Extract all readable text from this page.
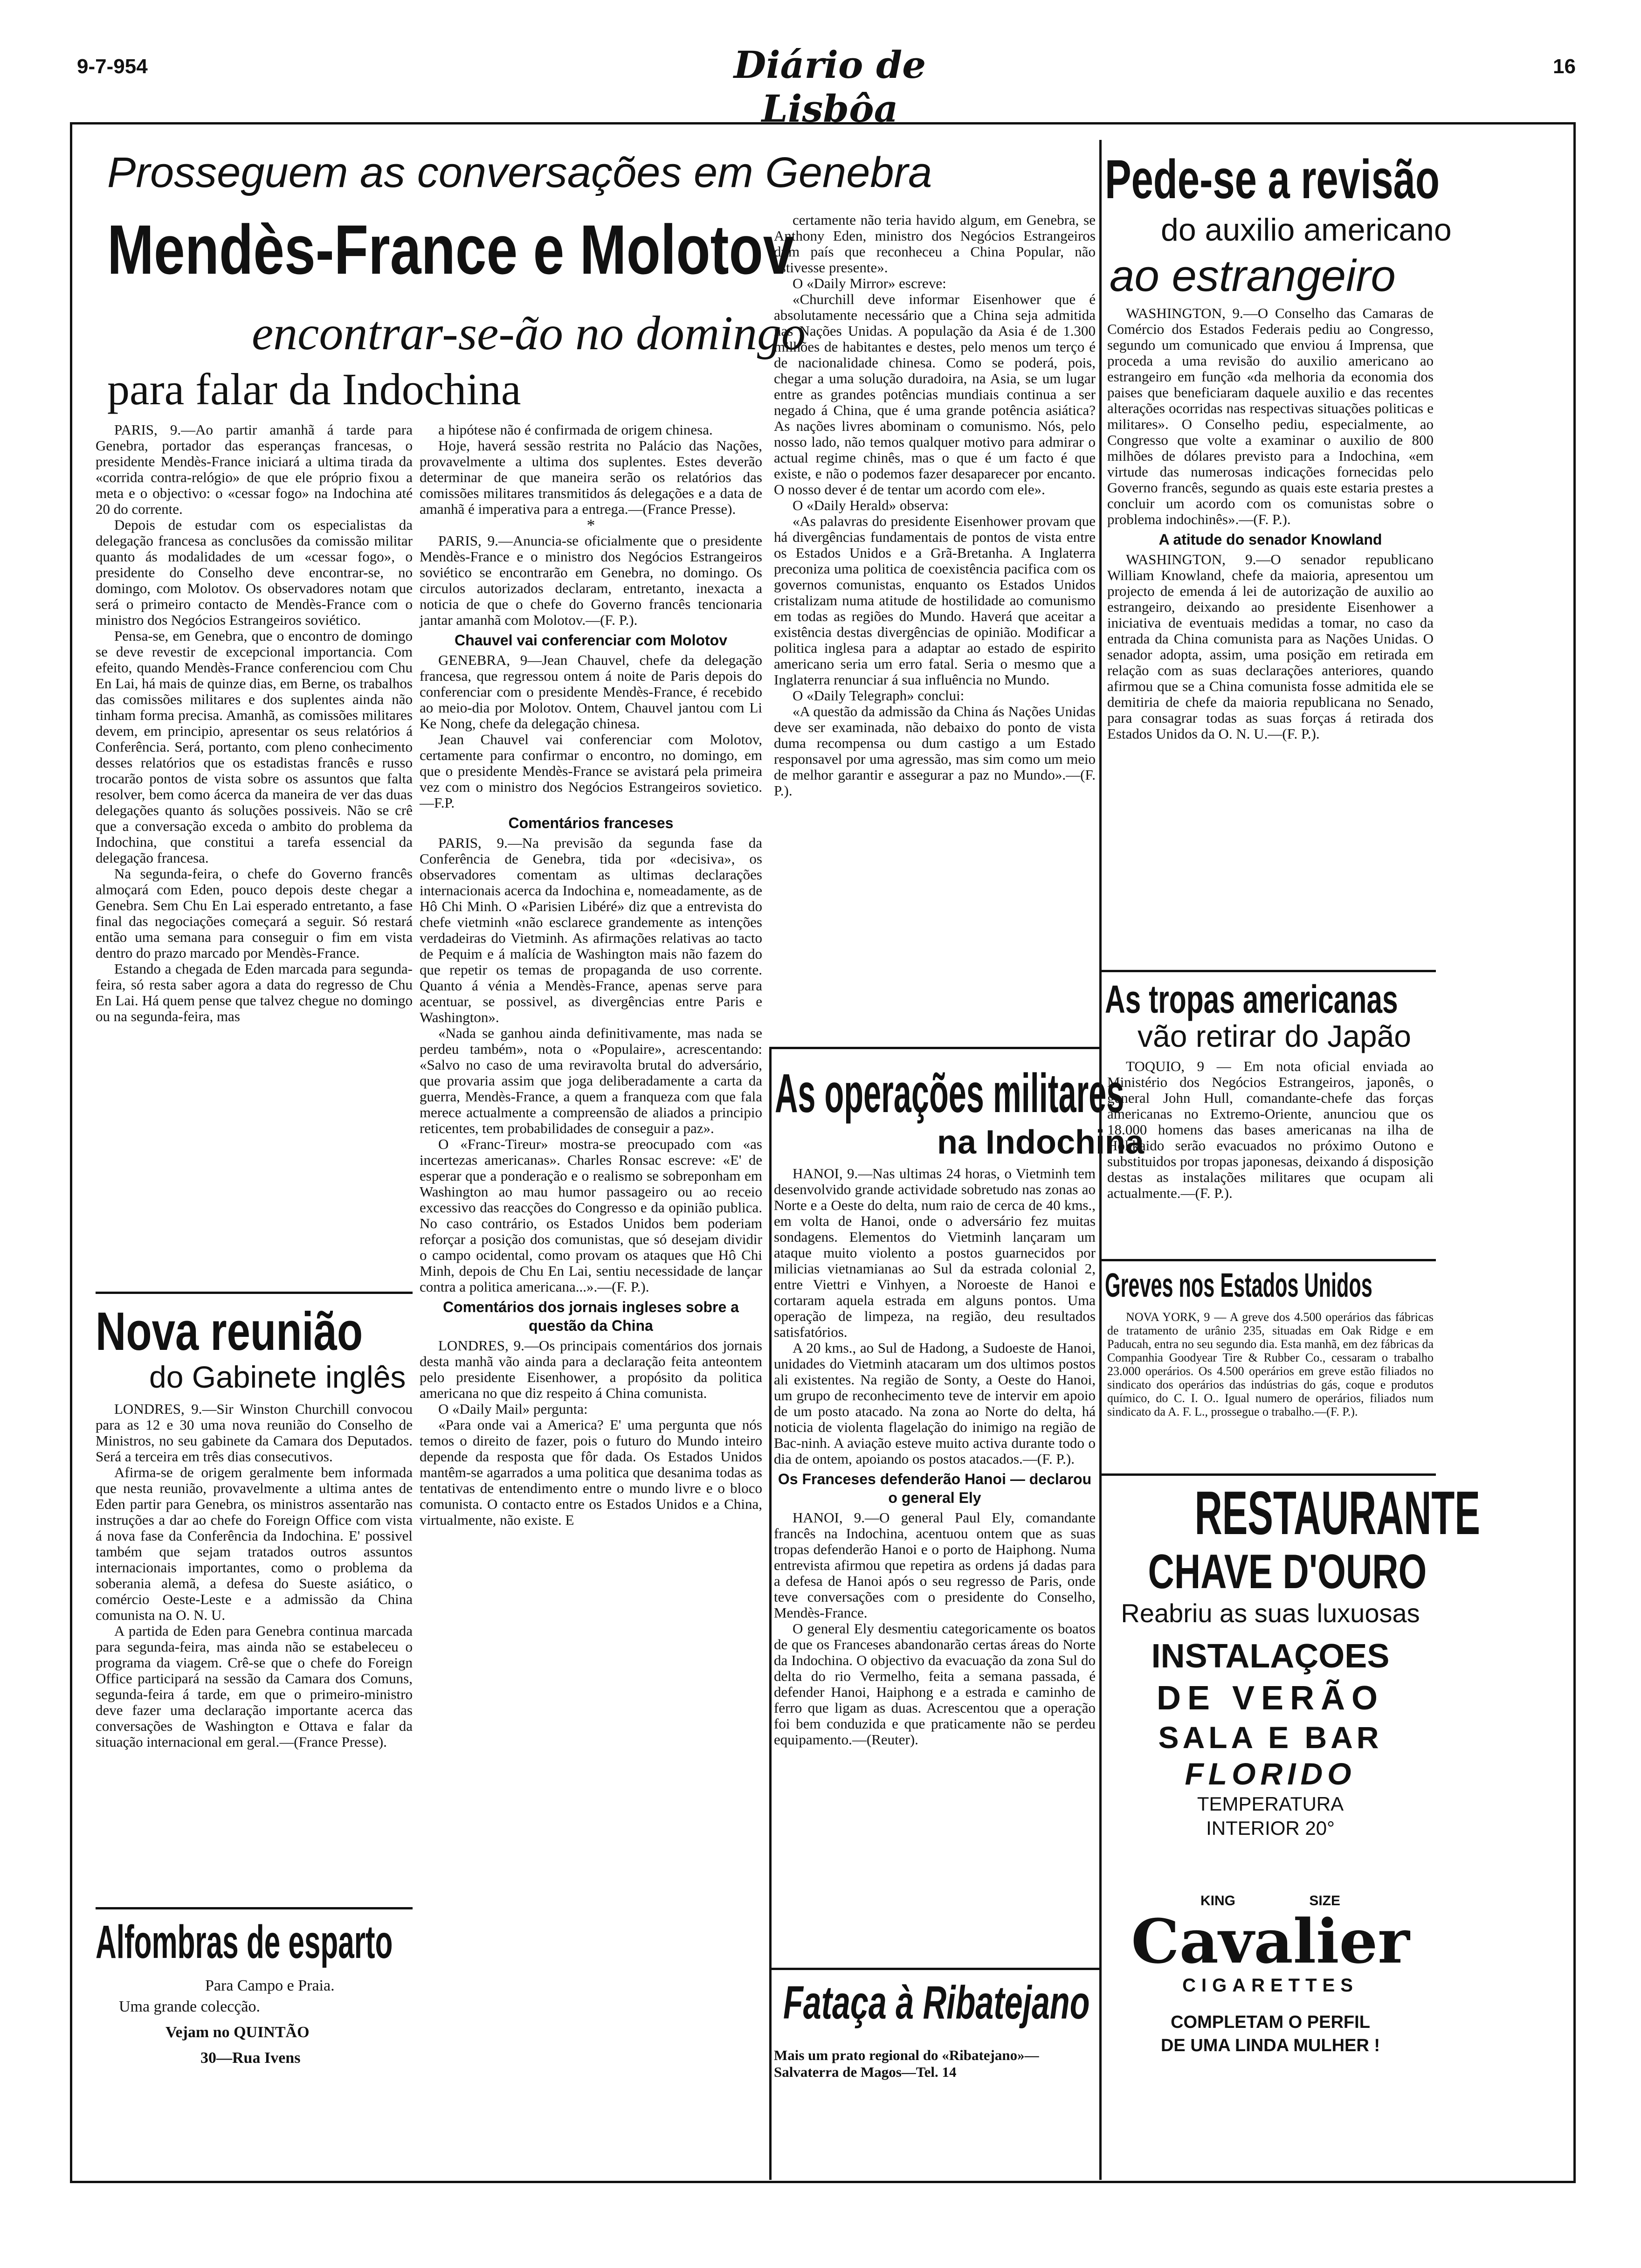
9-7-954	Diário de Lisbôa
16
Prosseguem as conversações em Genebra
Mendès-France e Molotov
encontrar-se-ão no domingo
para falar da Indochina

PARIS, 9.—Ao partir amanhã á tarde para Genebra, portador das esperanças francesas, o presidente Mendès-France iniciará a ultima tirada da «corrida contra-relógio» de que ele próprio fixou a meta e o objectivo: o «cessar fogo» na Indochina até 20 do corrente.

Depois de estudar com os especialistas da delegação francesa as conclusões da comissão militar quanto ás modalidades de um «cessar fogo», o presidente do Conselho deve encontrar-se, no domingo, com Molotov. Os observadores notam que será o primeiro contacto de Mendès-France com o ministro dos Negócios Estrangeiros soviético.

Pensa-se, em Genebra, que o encontro de domingo se deve revestir de excepcional importancia. Com efeito, quando Mendès-France conferenciou com Chu En Lai, há mais de quinze dias, em Berne, os trabalhos das comissões militares e dos suplentes ainda não tinham forma precisa. Amanhã, as comissões militares devem, em principio, apresentar os seus relatórios á Conferência. Será, portanto, com pleno conhecimento desses relatórios que os estadistas francês e russo trocarão pontos de vista sobre os assuntos que falta resolver, bem como ácerca da maneira de ver das duas delegações quanto ás soluções possiveis. Não se crê que a conversação exceda o ambito do problema da Indochina, que constitui a tarefa essencial da delegação francesa.

Na segunda-feira, o chefe do Governo francês almoçará com Eden, pouco depois deste chegar a Genebra. Sem Chu En Lai esperado entretanto, a fase final das negociações começará a seguir. Só restará então uma semana para conseguir o fim em vista dentro do prazo marcado por Mendès-France.

Estando a chegada de Eden marcada para segunda-feira, só resta saber agora a data do regresso de Chu En Lai. Há quem pense que talvez chegue no domingo ou na segunda-feira, mas

a hipótese não é confirmada de origem chinesa.

Hoje, haverá sessão restrita no Palácio das Nações, provavelmente a ultima dos suplentes. Estes deverão determinar de que maneira serão os relatórios das comissões militares transmitidos ás delegações e a data de amanhã é imperativa para a entrega.—(France Presse).

*

PARIS, 9.—Anuncia-se oficialmente que o presidente Mendès-France e o ministro dos Negócios Estrangeiros soviético se encontrarão em Genebra, no domingo. Os circulos autorizados declaram, entretanto, inexacta a noticia de que o chefe do Governo francês tencionaria jantar amanhã com Molotov.—(F. P.).

Chauvel vai conferenciar com Molotov

GENEBRA, 9—Jean Chauvel, chefe da delegação francesa, que regressou ontem á noite de Paris depois do conferenciar com o presidente Mendès-France, é recebido ao meio-dia por Molotov. Ontem, Chauvel jantou com Li Ke Nong, chefe da delegação chinesa.

Jean Chauvel vai conferenciar com Molotov, certamente para confirmar o encontro, no domingo, em que o presidente Mendès-France se avistará pela primeira vez com o ministro dos Negócios Estrangeiros sovietico.—F.P.

Comentários franceses

PARIS, 9.—Na previsão da segunda fase da Conferência de Genebra, tida por «decisiva», os observadores comentam as ultimas declarações internacionais acerca da Indochina e, nomeadamente, as de Hô Chi Minh. O «Parisien Libéré» diz que a entrevista do chefe vietminh «não esclarece grandemente as intenções verdadeiras do Vietminh. As afirmações relativas ao tacto de Pequim e á malícia de Washington mais não fazem do que repetir os temas de propaganda de uso corrente. Quanto á vénia a Mendès-France, apenas serve para acentuar, se possivel, as divergências entre Paris e Washington».

«Nada se ganhou ainda definitivamente, mas nada se perdeu também», nota o «Populaire», acrescentando: «Salvo no caso de uma reviravolta brutal do adversário, que provaria assim que joga deliberadamente a carta da guerra, Mendès-France, a quem a franqueza com que fala merece actualmente a compreensão de aliados a principio reticentes, tem probabilidades de conseguir a paz».

O «Franc-Tireur» mostra-se preocupado com «as incertezas americanas». Charles Ronsac escreve: «E' de esperar que a ponderação e o realismo se sobreponham em Washington ao mau humor passageiro ou ao receio excessivo das reacções do Congresso e da opinião publica. No caso contrário, os Estados Unidos bem poderiam reforçar a posição dos comunistas, que só desejam dividir o campo ocidental, como provam os ataques que Hô Chi Minh, depois de Chu En Lai, sentiu necessidade de lançar contra a politica americana...».—(F. P.).

Comentários dos jornais ingleses sobre a questão da China

LONDRES, 9.—Os principais comentários dos jornais desta manhã vão ainda para a declaração feita anteontem pelo presidente Eisenhower, a propósito da politica americana no que diz respeito á China comunista.

O «Daily Mail» pergunta:

«Para onde vai a America? E' uma pergunta que nós temos o direito de fazer, pois o futuro do Mundo inteiro depende da resposta que fôr dada. Os Estados Unidos mantêm-se agarrados a uma politica que desanima todas as tentativas de entendimento entre o mundo livre e o bloco comunista. O contacto entre os Estados Unidos e a China, virtualmente, não existe. E

certamente não teria havido algum, em Genebra, se Anthony Eden, ministro dos Negócios Estrangeiros dum país que reconheceu a China Popular, não estivesse presente».

O «Daily Mirror» escreve:

«Churchill deve informar Eisenhower que é absolutamente necessário que a China seja admitida nas Nações Unidas. A população da Asia é de 1.300 milhões de habitantes e destes, pelo menos um terço é de nacionalidade chinesa. Como se poderá, pois, chegar a uma solução duradoira, na Asia, se um lugar entre as grandes potências mundiais continua a ser negado á China, que é uma grande potência asiática? As nações livres abominam o comunismo. Nós, pelo nosso lado, não temos qualquer motivo para admirar o actual regime chinês, mas o que é um facto é que existe, e não o podemos fazer desaparecer por encanto. O nosso dever é de tentar um acordo com ele».

O «Daily Herald» observa:

«As palavras do presidente Eisenhower provam que há divergências fundamentais de pontos de vista entre os Estados Unidos e a Grã-Bretanha. A Inglaterra preconiza uma politica de coexistência pacifica com os governos comunistas, enquanto os Estados Unidos cristalizam numa atitude de hostilidade ao comunismo em todas as regiões do Mundo. Haverá que aceitar a existência destas divergências de opinião. Modificar a politica inglesa para a adaptar ao estado de espirito americano seria um erro fatal. Seria o mesmo que a Inglaterra renunciar á sua influência no Mundo.

O «Daily Telegraph» conclui:

«A questão da admissão da China ás Nações Unidas deve ser examinada, não debaixo do ponto de vista duma recompensa ou dum castigo a um Estado responsavel por uma agressão, mas sim como um meio de melhor garantir e assegurar a paz no Mundo».—(F. P.).

Nova reunião
do Gabinete inglês

LONDRES, 9.—Sir Winston Churchill convocou para as 12 e 30 uma nova reunião do Conselho de Ministros, no seu gabinete da Camara dos Deputados. Será a terceira em três dias consecutivos.

Afirma-se de origem geralmente bem informada que nesta reunião, provavelmente a ultima antes de Eden partir para Genebra, os ministros assentarão nas instruções a dar ao chefe do Foreign Office com vista á nova fase da Conferência da Indochina. E' possivel também que sejam tratados outros assuntos internacionais importantes, como o problema da soberania alemã, a defesa do Sueste asiático, o comércio Oeste-Leste e a admissão da China comunista na O. N. U.

A partida de Eden para Genebra continua marcada para segunda-feira, mas ainda não se estabeleceu o programa da viagem. Crê-se que o chefe do Foreign Office participará na sessão da Camara dos Comuns, segunda-feira á tarde, em que o primeiro-ministro deve fazer uma declaração importante acerca das conversações de Washington e Ottava e falar da situação internacional em geral.—(France Presse).

Alfombras de esparto
Para Campo e Praia.
Uma grande colecção.
Vejam no QUINTÃO
30—Rua Ivens
As operações militares
na Indochina

HANOI, 9.—Nas ultimas 24 horas, o Vietminh tem desenvolvido grande actividade sobretudo nas zonas ao Norte e a Oeste do delta, num raio de cerca de 40 kms., em volta de Hanoi, onde o adversário fez muitas sondagens. Elementos do Vietminh lançaram um ataque muito violento a postos guarnecidos por milicias vietnamianas ao Sul da estrada colonial 2, entre Viettri e Vinhyen, a Noroeste de Hanoi e cortaram aquela estrada em alguns pontos. Uma operação de limpeza, na região, deu resultados satisfatórios.

A 20 kms., ao Sul de Hadong, a Sudoeste de Hanoi, unidades do Vietminh atacaram um dos ultimos postos ali existentes. Na região de Sonty, a Oeste do Hanoi, um grupo de reconhecimento teve de intervir em apoio de um posto atacado. Na zona ao Norte do delta, há noticia de violenta flagelação do inimigo na região de Bac-ninh. A aviação esteve muito activa durante todo o dia de ontem, apoiando os postos atacados.—(F. P.).

Os Franceses defenderão Hanoi — declarou o general Ely

HANOI, 9.—O general Paul Ely, comandante francês na Indochina, acentuou ontem que as suas tropas defenderão Hanoi e o porto de Haiphong. Numa entrevista afirmou que repetira as ordens já dadas para a defesa de Hanoi após o seu regresso de Paris, onde teve conversações com o presidente do Conselho, Mendès-France.

O general Ely desmentiu categoricamente os boatos de que os Franceses abandonarão certas áreas do Norte da Indochina. O objectivo da evacuação da zona Sul do delta do rio Vermelho, feita a semana passada, é defender Hanoi, Haiphong e a estrada e caminho de ferro que ligam as duas. Acrescentou que a operação foi bem conduzida e que praticamente não se perdeu equipamento.—(Reuter).

Fataça à Ribatejano
Mais um prato regional do «Ribatejano»—Salvaterra de Magos—Tel. 14
Pede-se a revisão
do auxilio americano
ao estrangeiro

WASHINGTON, 9.—O Conselho das Camaras de Comércio dos Estados Federais pediu ao Congresso, segundo um comunicado que enviou á Imprensa, que proceda a uma revisão do auxilio americano ao estrangeiro em função «da melhoria da economia dos paises que beneficiaram daquele auxilio e das recentes alterações ocorridas nas respectivas situações politicas e militares». O Conselho pediu, especialmente, ao Congresso que volte a examinar o auxilio de 800 milhões de dólares previsto para a Indochina, «em virtude das numerosas indicações fornecidas pelo Governo francês, segundo as quais este estaria prestes a concluir um acordo com os comunistas sobre o problema indochinês».—(F. P.).

A atitude do senador Knowland

WASHINGTON, 9.—O senador republicano William Knowland, chefe da maioria, apresentou um projecto de emenda á lei de autorização de auxilio ao estrangeiro, deixando ao presidente Eisenhower a iniciativa de eventuais medidas a tomar, no caso da entrada da China comunista para as Nações Unidas. O senador adopta, assim, uma posição em retirada em relação com as suas declarações anteriores, quando afirmou que se a China comunista fosse admitida ele se demitiria de chefe da maioria republicana no Senado, para consagrar todas as suas forças á retirada dos Estados Unidos da O. N. U.—(F. P.).

As tropas americanas
vão retirar do Japão

TOQUIO, 9 — Em nota oficial enviada ao Ministério dos Negócios Estrangeiros, japonês, o general John Hull, comandante-chefe das forças americanas no Extremo-Oriente, anunciou que os 18.000 homens das bases americanas na ilha de Hokkaido serão evacuados no próximo Outono e substituidos por tropas japonesas, deixando á disposição destas as instalações militares que ocupam ali actualmente.—(F. P.).

Greves nos Estados Unidos

NOVA YORK, 9 — A greve dos 4.500 operários das fábricas de tratamento de urânio 235, situadas em Oak Ridge e em Paducah, entra no seu segundo dia. Esta manhã, em dez fábricas da Companhia Goodyear Tire & Rubber Co., cessaram o trabalho 23.000 operários. Os 4.500 operários em greve estão filiados no sindicato dos operários das indústrias do gás, coque e produtos químico, do C. I. O.. Igual numero de operários, filiados num sindicato da A. F. L., prossegue o trabalho.—(F. P.).

RESTAURANTE
CHAVE D'OURO
Reabriu as suas luxuosas
INSTALAÇOES
DE VERÃO
SALA E BAR
FLORIDO
TEMPERATURA
INTERIOR 20°
KING	SIZE
Cavalier
CIGARETTES
COMPLETAM O PERFIL
DE UMA LINDA MULHER !
